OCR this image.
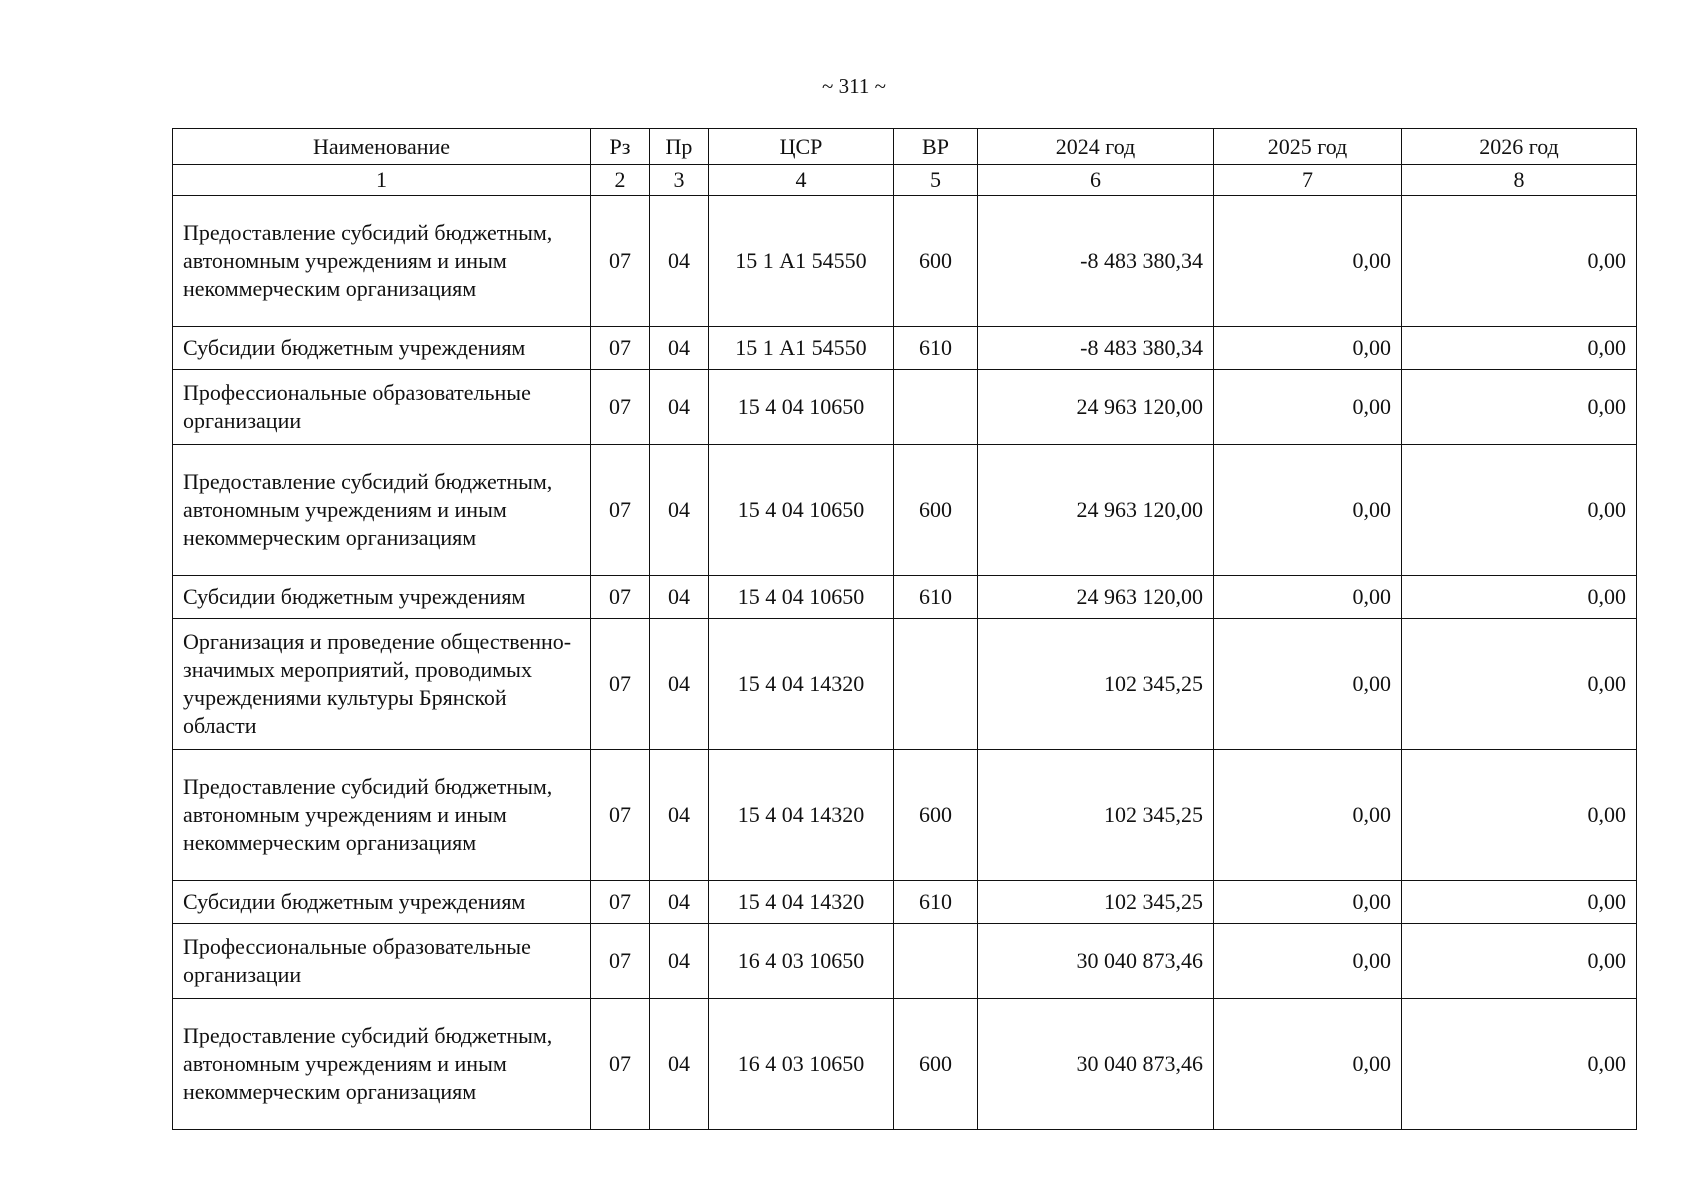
~ 311 ~
Наименование	Рз	Пр	ЦСР	ВР	2024 год	2025 год	2026 год
1	2	3	4	5	6	7	8
Предоставление субсидий бюджетным, автономным учреждениям и иным некоммерческим организациям	07	04	15 1 А1 54550	600	-8 483 380,34	0,00	0,00
Субсидии бюджетным учреждениям	07	04	15 1 А1 54550	610	-8 483 380,34	0,00	0,00
Профессиональные образовательные организации	07	04	15 4 04 10650		24 963 120,00	0,00	0,00
Предоставление субсидий бюджетным, автономным учреждениям и иным некоммерческим организациям	07	04	15 4 04 10650	600	24 963 120,00	0,00	0,00
Субсидии бюджетным учреждениям	07	04	15 4 04 10650	610	24 963 120,00	0,00	0,00
Организация и проведение общественно-значимых мероприятий, проводимых учреждениями культуры Брянской области	07	04	15 4 04 14320		102 345,25	0,00	0,00
Предоставление субсидий бюджетным, автономным учреждениям и иным некоммерческим организациям	07	04	15 4 04 14320	600	102 345,25	0,00	0,00
Субсидии бюджетным учреждениям	07	04	15 4 04 14320	610	102 345,25	0,00	0,00
Профессиональные образовательные организации	07	04	16 4 03 10650		30 040 873,46	0,00	0,00
Предоставление субсидий бюджетным, автономным учреждениям и иным некоммерческим организациям	07	04	16 4 03 10650	600	30 040 873,46	0,00	0,00
